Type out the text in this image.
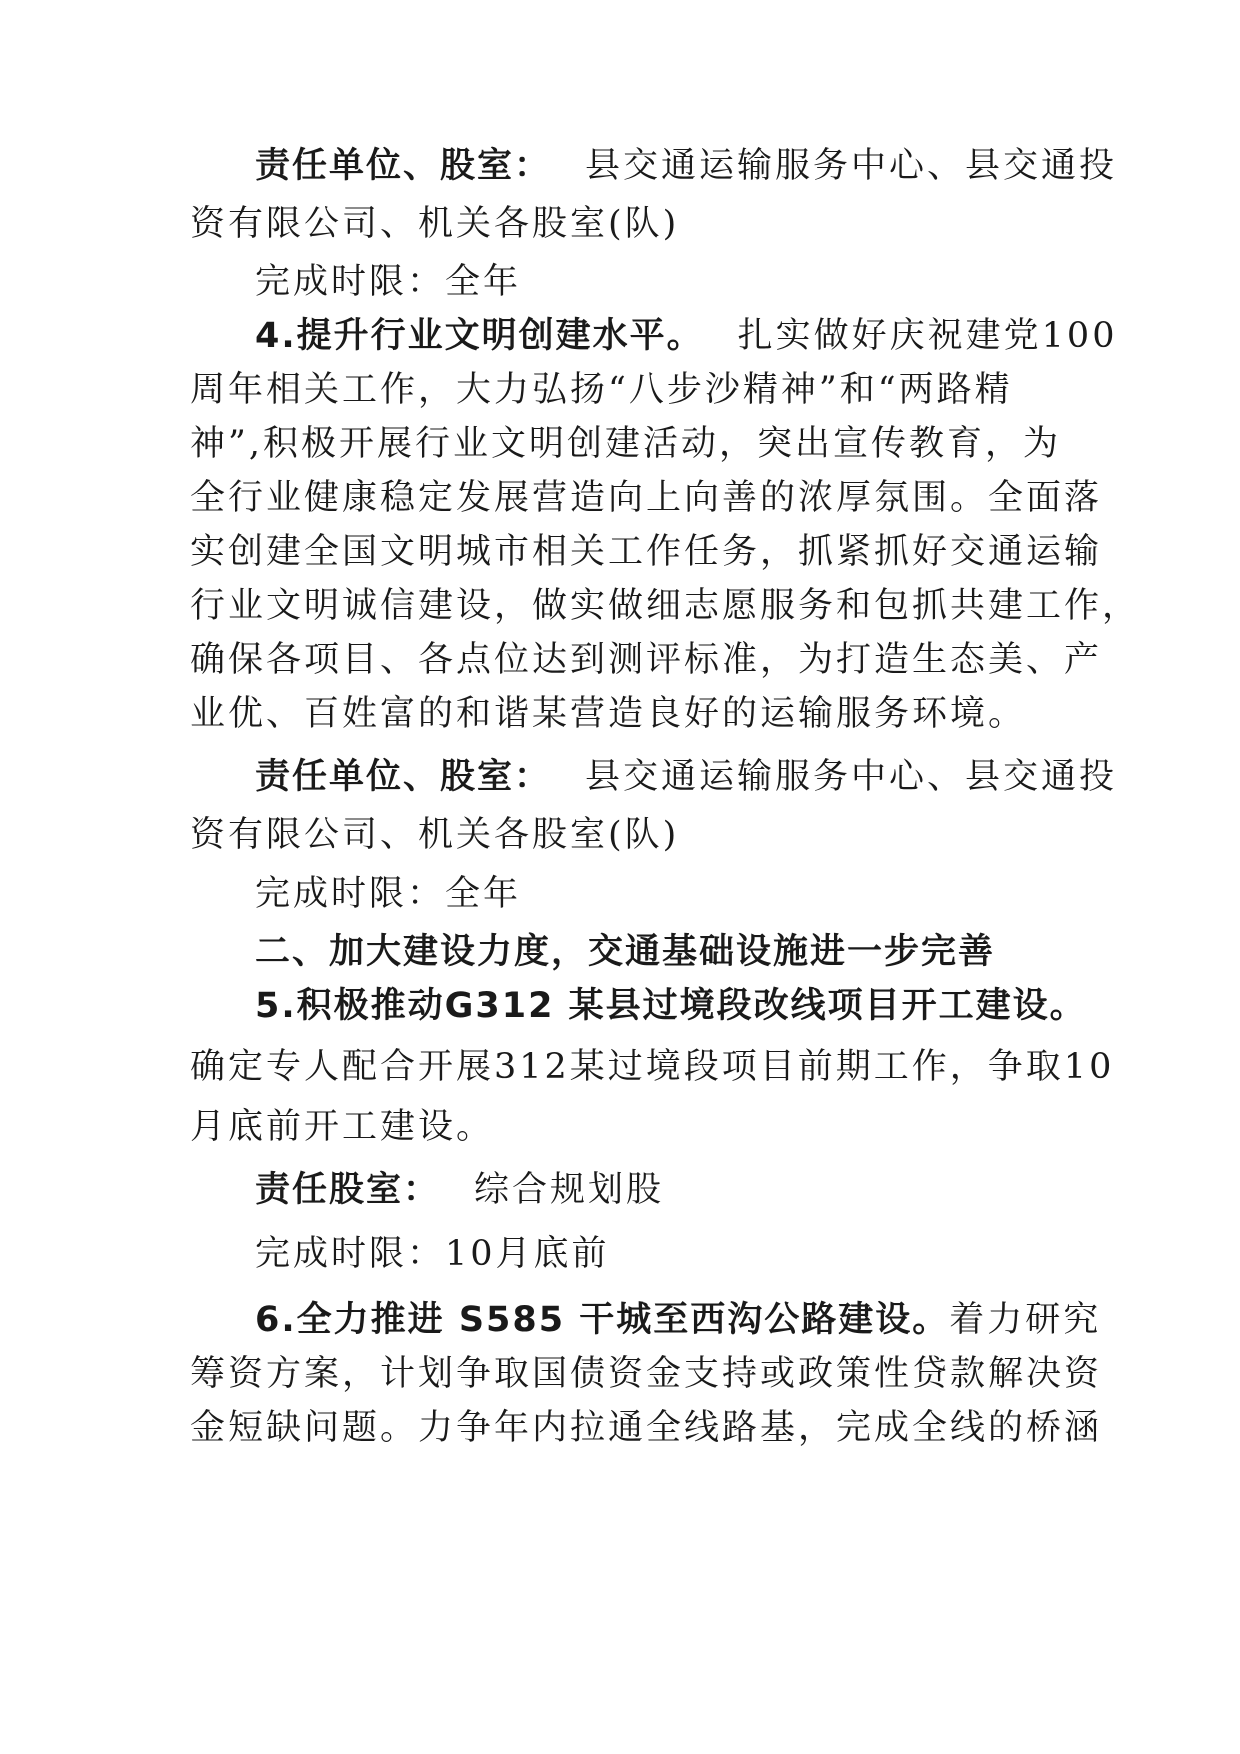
责任单位、股室： 县交通运输服务中心、县交通投
资有限公司、机关各股室(队)
完成时限：全年
4.提升行业文明创建水平。 扎实做好庆祝建党100
周年相关工作，大力弘扬“八步沙精神”和“两路精
神”,积极开展行业文明创建活动，突出宣传教育，为
全行业健康稳定发展营造向上向善的浓厚氛围。全面落
实创建全国文明城市相关工作任务，抓紧抓好交通运输
行业文明诚信建设，做实做细志愿服务和包抓共建工作，
确保各项目、各点位达到测评标准，为打造生态美、产
业优、百姓富的和谐某营造良好的运输服务环境。
责任单位、股室： 县交通运输服务中心、县交通投
资有限公司、机关各股室(队)
完成时限：全年
二、加大建设力度，交通基础设施进一步完善
5.积极推动G312 某县过境段改线项目开工建设。
确定专人配合开展312某过境段项目前期工作，争取10
月底前开工建设。
责任股室： 综合规划股
完成时限：10月底前
6.全力推进 S585 干城至西沟公路建设。着力研究
筹资方案，计划争取国债资金支持或政策性贷款解决资
金短缺问题。力争年内拉通全线路基，完成全线的桥涵
